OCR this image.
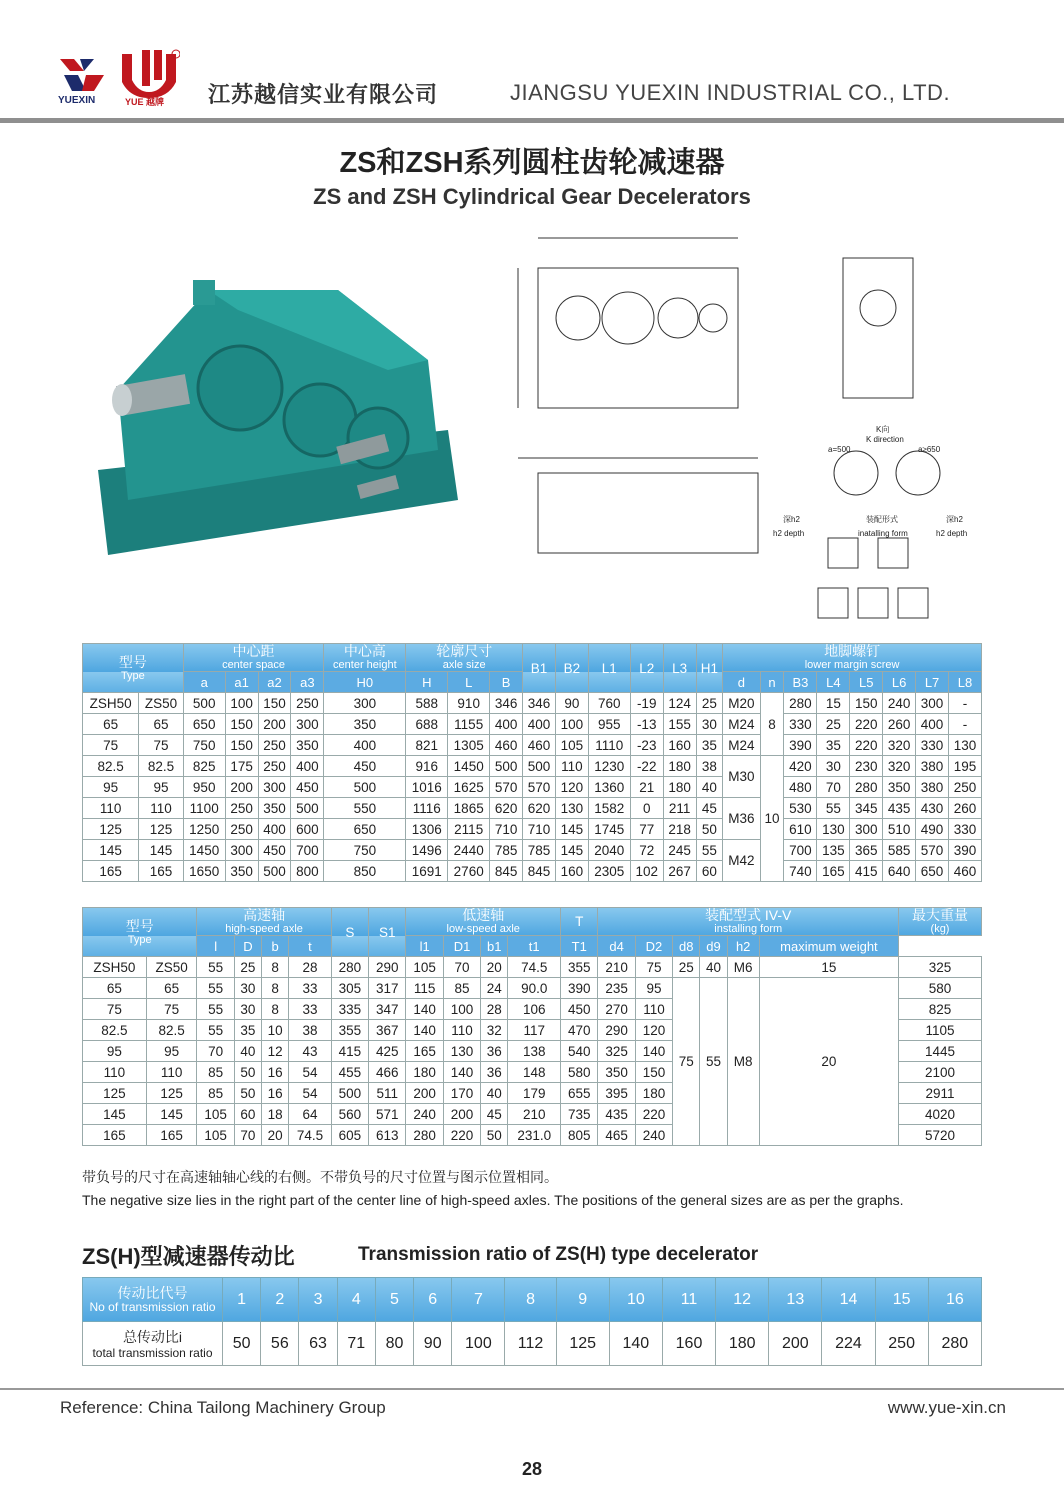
YUEXIN	YUE 越牌 江苏越信实业有限公司	JIANGSU YUEXIN INDUSTRIAL CO., LTD.
ZS和ZSH系列圆柱齿轮减速器
ZS and ZSH Cylindrical Gear Decelerators
K向
K direction
a=500	a≥650
深h2
h2 depth
装配形式
inatalling form
深h2
h2 depth
型号
Type		中心距
center space				中心高
center height	轮廓尺寸
axle size			B1	B2	L1	L2	L3	H1	地脚螺钉
lower margin screw							

		a	a1	a2	a3	H0	H	L	B							d	n	B3	L4	L5	L6	L7	L8
ZSH50	ZS50	500	100	150	250	300	588	910	346	346	90	760	-19	124	25	M20	8	280	15	150	240	300	-
65	65	650	150	200	300	350	688	1155	400	400	100	955	-13	155	30	M24		330	25	220	260	400	-
75	75	750	150	250	350	400	821	1305	460	460	105	1110	-23	160	35	M24		390	35	220	320	330	130
82.5	82.5	825	175	250	400	450	916	1450	500	500	110	1230	-22	180	38	M30	10	420	30	230	320	380	195
95	95	950	200	300	450	500	1016	1625	570	570	120	1360	21	180	40			480	70	280	350	380	250
110	110	1100	250	350	500	550	1116	1865	620	620	130	1582	0	211	45	M36		530	55	345	435	430	260
125	125	1250	250	400	600	650	1306	2115	710	710	145	1745	77	218	50			610	130	300	510	490	330
145	145	1450	300	450	700	750	1496	2440	785	785	145	2040	72	245	55	M42		700	135	365	585	570	390
165	165	1650	350	500	800	850	1691	2760	845	845	160	2305	102	267	60			740	165	415	640	650	460
型号
Type		高速轴
high-speed axle				S	S1	低速轴
low-speed axle				T	装配型式 IV-V
installing form						最大重量
(kg)

		l	D	b	t			l1	D1	b1	t1	T1	d4	D2	d8	d9	h2	maximum weight	
ZSH50	ZS50	55	25	8	28	280	290	105	70	20	74.5	355	210	75	25	40	M6	15	325
65	65	55	30	8	33	305	317	115	85	24	90.0	390	235	95	75	55	M8	20	580
75	75	55	30	8	33	335	347	140	100	28	106	450	270	110					825
82.5	82.5	55	35	10	38	355	367	140	110	32	117	470	290	120					1105
95	95	70	40	12	43	415	425	165	130	36	138	540	325	140					1445
110	110	85	50	16	54	455	466	180	140	36	148	580	350	150					2100
125	125	85	50	16	54	500	511	200	170	40	179	655	395	180					2911
145	145	105	60	18	64	560	571	240	200	45	210	735	435	220					4020
165	165	105	70	20	74.5	605	613	280	220	50	231.0	805	465	240					5720
带负号的尺寸在高速轴轴心线的右侧。不带负号的尺寸位置与图示位置相同。
The negative size lies in the right part of the center line of high-speed axles. The positions of the general sizes are as per the graphs.
ZS(H)型减速器传动比	Transmission ratio of ZS(H) type decelerator
传动比代号
No of transmission ratio	1	2	3	4	5	6	7	8	9	10	11	12	13	14	15	16

总传动比i
total transmission ratio	50	56	63	71	80	90	100	112	125	140	160	180	200	224	250	280
Reference: China Tailong Machinery Group	www.yue-xin.cn
28
